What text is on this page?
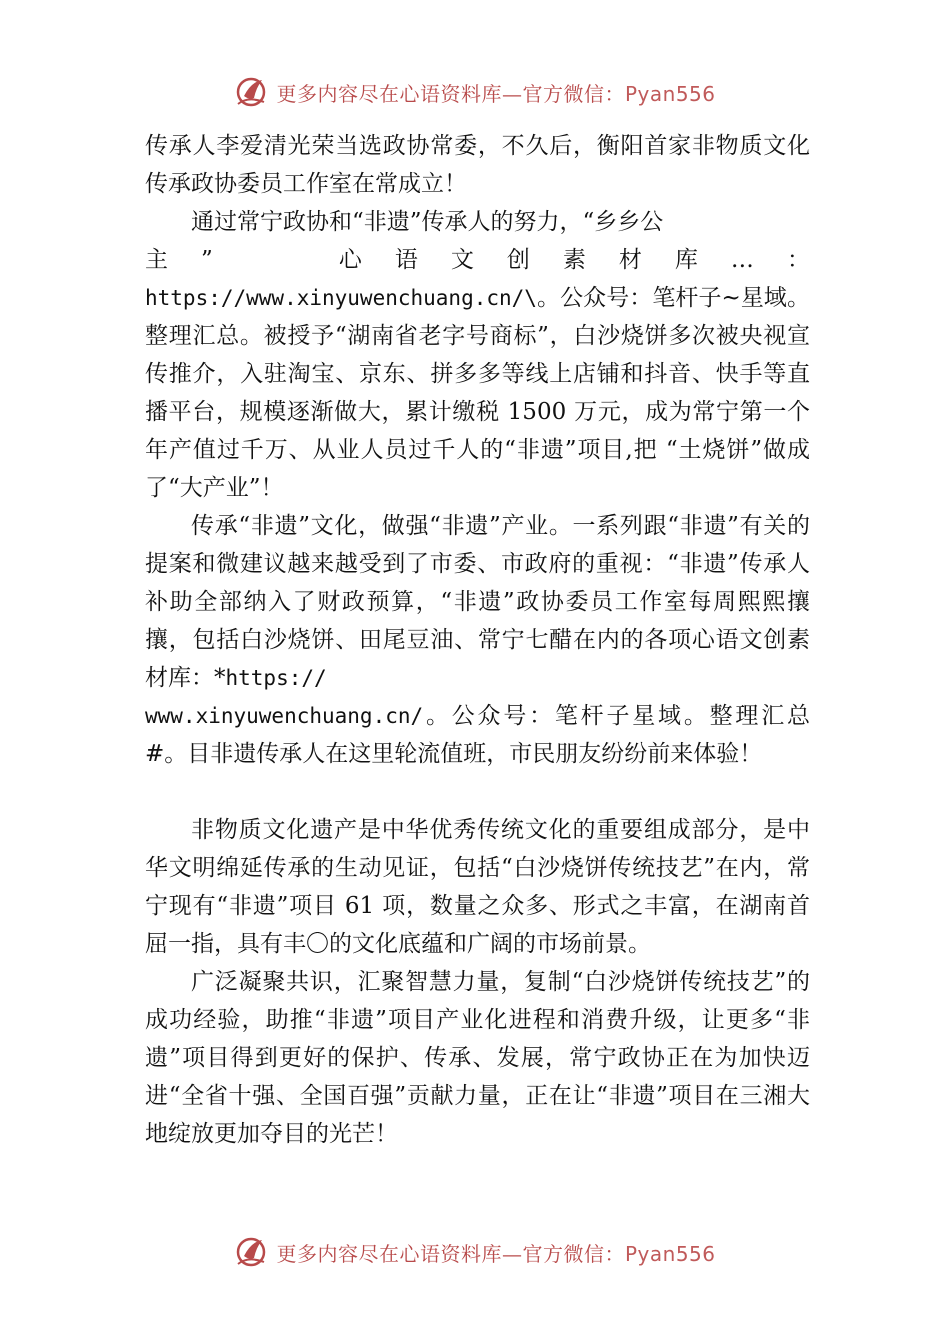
更多内容尽在心语资料库—官方微信：Pyan556

传承人李爱清光荣当选政协常委，不久后，衡阳首家非物质文化传承政协委员工作室在常成立！

通过常宁政协和“非遗”传承人的努力，“乡乡公

主 ”	心 语 文 创 素 材 库 … ：

https://www.xinyuwenchuang.cn/\。公众号：笔杆子~星域。整理汇总。被授予“湖南省老字号商标”，白沙烧饼多次被央视宣传推介，入驻淘宝、京东、拼多多等线上店铺和抖音、快手等直 播平台，规模逐渐做大，累计缴税 1500 万元，成为常宁第一个年产值过千万、从业人员过千人的“非遗”项目,把 “土烧饼”做成了“大产业”！

传承“非遗”文化，做强“非遗”产业。一系列跟“非遗”有关的提案和微建议越来越受到了市委、市政府的重视：“非遗”传承人补助全部纳入了财政预算，“非遗”政协委员工作室每周熙熙攘攘，包括白沙烧饼、田尾豆油、常宁七醋在内的各项心语文创素材库：*https://

www.xinyuwenchuang.cn/。公众号：笔杆子星域。整理汇总#。目非遗传承人在这里轮流值班，市民朋友纷纷前来体验！

非物质文化遗产是中华优秀传统文化的重要组成部分，是中华文明绵延传承的生动见证，包括“白沙烧饼传统技艺”在内，常宁现有“非遗”项目 61 项，数量之众多、形式之丰富，在湖南首屈一指，具有丰〇的文化底蕴和广阔的市场前景。

广泛凝聚共识，汇聚智慧力量，复制“白沙烧饼传统技艺”的成功经验，助推“非遗”项目产业化进程和消费升级，让更多“非遗”项目得到更好的保护、传承、发展，常宁政协正在为加快迈进“全省十强、全国百强”贡献力量，正在让“非遗”项目在三湘大地绽放更加夺目的光芒！

更多内容尽在心语资料库—官方微信：Pyan556
